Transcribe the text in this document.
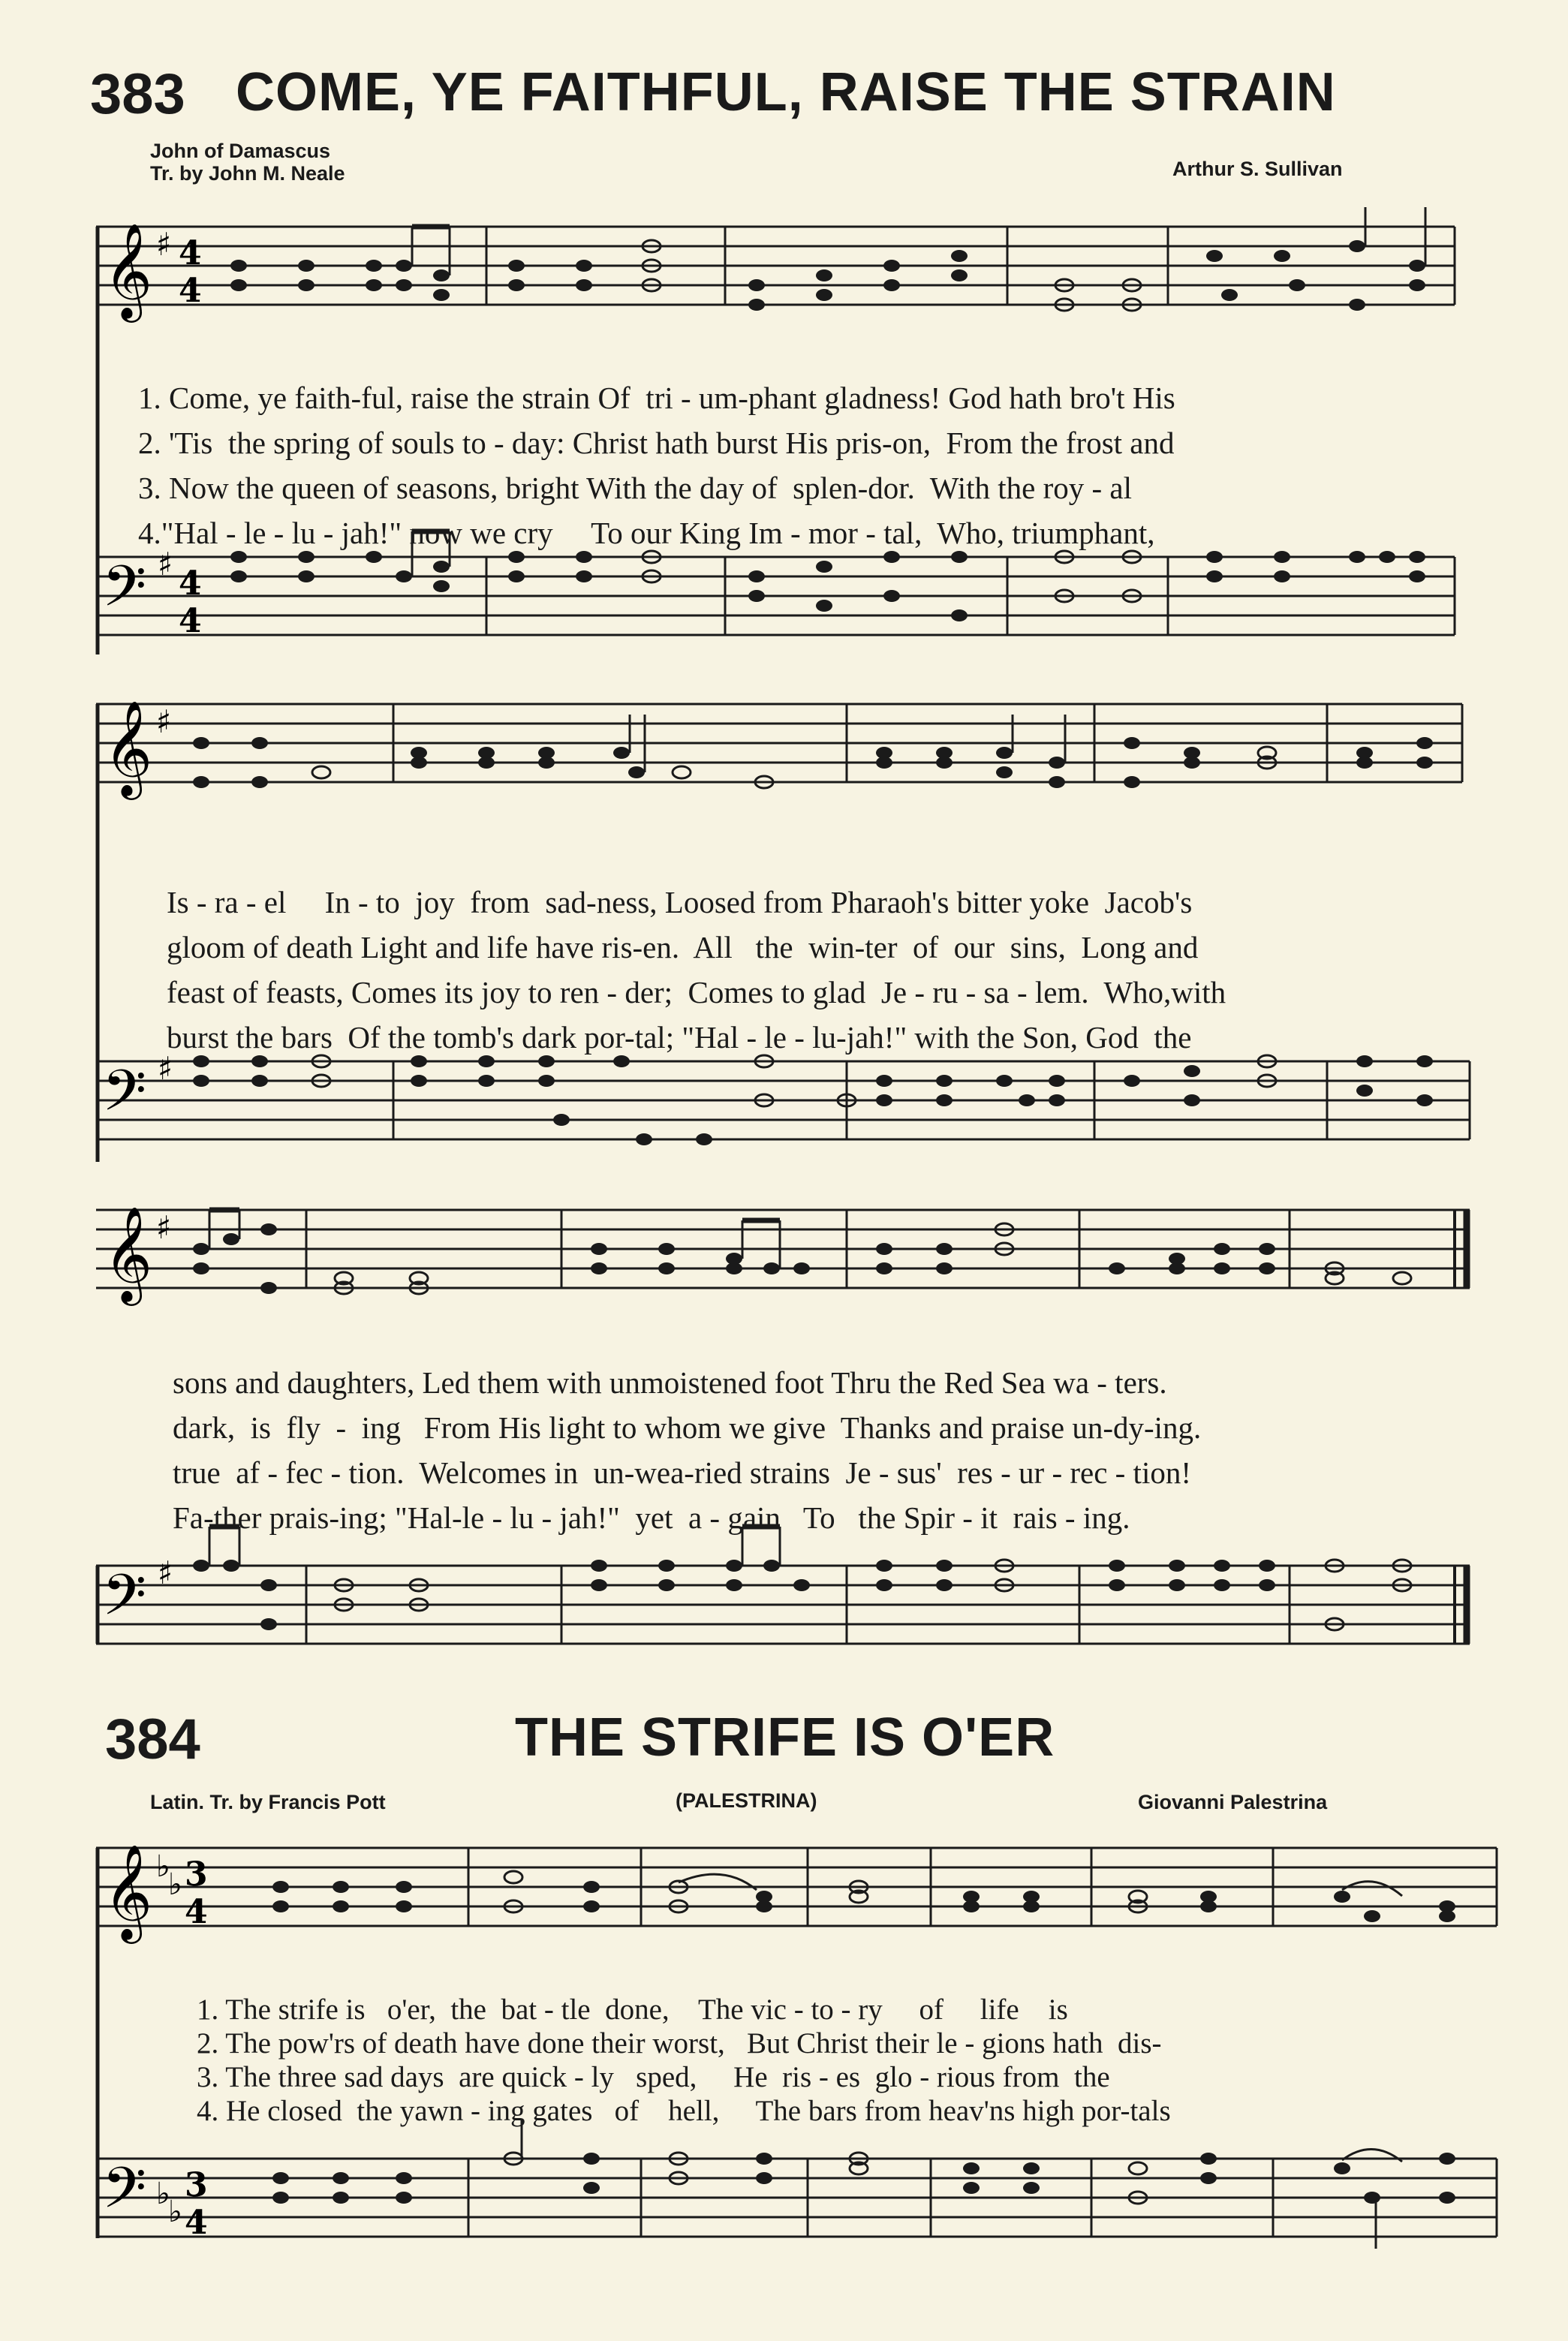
383 COME, YE FAITHFUL, RAISE THE STRAIN
John of Damascus
Tr. by John M. Neale	Arthur S. Sullivan
𝄞 ♯ 4
4

1. Come, ye faith-ful, raise the strain Of  tri - um-phant gladness! God hath bro't His
2. 'Tis  the spring of souls to - day: Christ hath burst His pris-on,  From the frost and
3. Now the queen of seasons, bright With the day of  splen-dor.  With the roy - al
4."Hal - le - lu - jah!" now we cry     To our King Im - mor - tal,  Who, triumphant,

𝄢 ♯
4
4
𝄞 ♯

Is - ra - el     In - to  joy  from  sad-ness, Loosed from Pharaoh's bitter yoke  Jacob's
gloom of death Light and life have ris-en.  All   the  win-ter  of  our  sins,  Long and
feast of feasts, Comes its joy to ren - der;  Comes to glad  Je - ru - sa - lem.  Who,with
burst the bars  Of the tomb's dark por-tal; "Hal - le - lu-jah!" with the Son, God  the

𝄢 ♯
𝄞 ♯

sons and daughters, Led them with unmoistened foot Thru the Red Sea wa - ters.
dark,  is  fly  -  ing   From His light to whom we give  Thanks and praise un-dy-ing.
true  af - fec - tion.  Welcomes in  un-wea-ried strains  Je - sus'  res - ur - rec - tion!
Fa-ther prais-ing; "Hal-le - lu - jah!"  yet  a - gain   To   the Spir - it  rais - ing.

𝄢 ♯
384	THE STRIFE IS O'ER
Latin. Tr. by Francis Pott	(PALESTRINA)	Giovanni Palestrina
𝄞 ♭
♭ 3
4

1. The strife is   o'er,  the  bat - tle  done,    The vic - to - ry     of     life    is
2. The pow'rs of death have done their worst,   But Christ their le - gions hath  dis-
3. The three sad days  are quick - ly   sped,     He  ris - es  glo - rious from  the
4. He closed  the yawn - ing gates   of    hell,     The bars from heav'ns high por-tals

𝄢 ♭
♭
3
4
